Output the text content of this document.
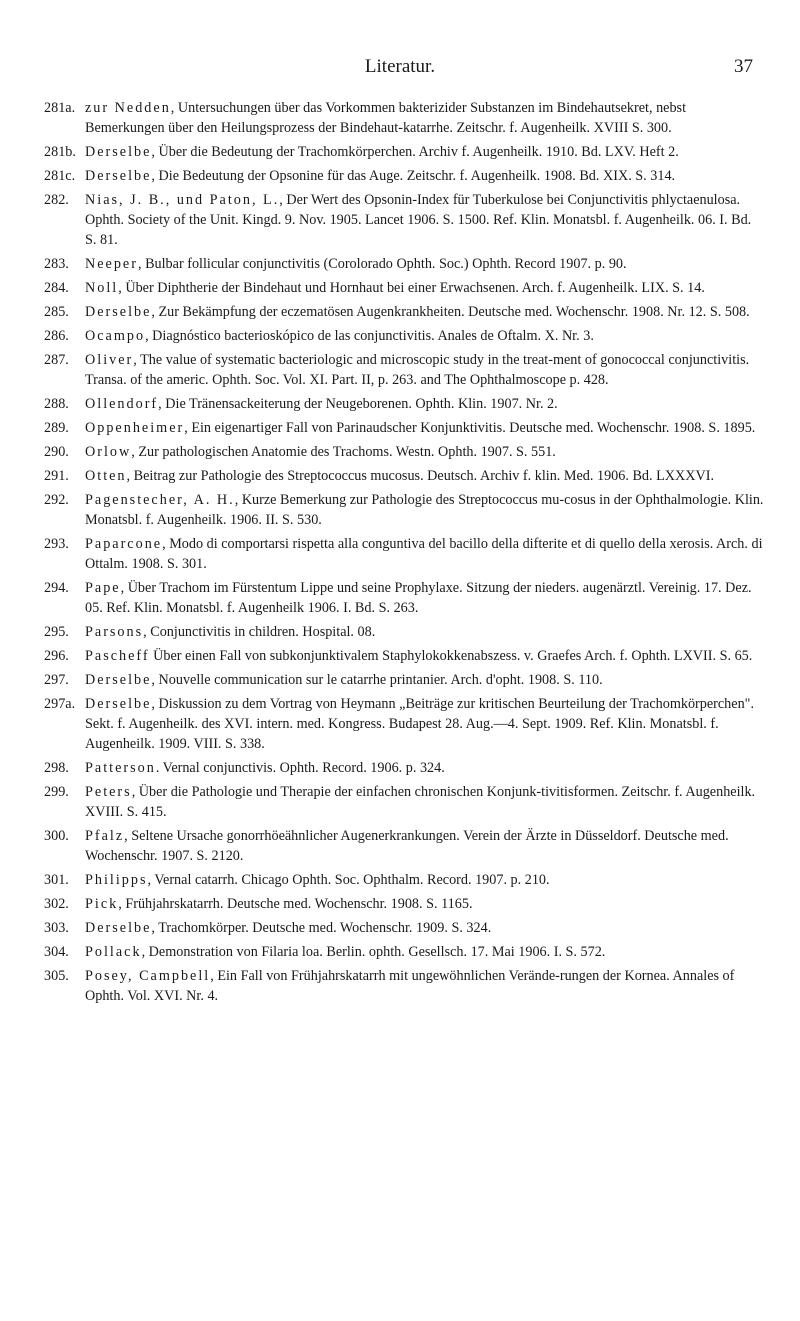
Literatur.	37
281a. zur Nedden, Untersuchungen über das Vorkommen bakterizider Substanzen im Bindehautsekret, nebst Bemerkungen über den Heilungsprozess der Bindehaut-katarrhe. Zeitschr. f. Augenheilk. XVIII S. 300.
281b. Derselbe, Über die Bedeutung der Trachomkörperchen. Archiv f. Augenheilk. 1910. Bd. LXV. Heft 2.
281c. Derselbe, Die Bedeutung der Opsonine für das Auge. Zeitschr. f. Augenheilk. 1908. Bd. XIX. S. 314.
282.	Nias, J. B., und Paton, L., Der Wert des Opsonin-Index für Tuberkulose bei Conjunctivitis phlyctaenulosa. Ophth. Society of the Unit. Kingd. 9. Nov. 1905. Lancet 1906. S. 1500. Ref. Klin. Monatsbl. f. Augenheilk. 06. I. Bd. S. 81.
283.	Neeper, Bulbar follicular conjunctivitis (Corolorado Ophth. Soc.) Ophth. Record 1907. p. 90.
284.	Noll, Über Diphtherie der Bindehaut und Hornhaut bei einer Erwachsenen. Arch. f. Augenheilk. LIX. S. 14.
285.	Derselbe, Zur Bekämpfung der eczematösen Augenkrankheiten. Deutsche med. Wochenschr. 1908. Nr. 12. S. 508.
286.	Ocampo, Diagnóstico bacterioskópico de las conjunctivitis. Anales de Oftalm. X. Nr. 3.
287.	Oliver, The value of systematic bacteriologic and microscopic study in the treat-ment of gonococcal conjunctivitis. Transa. of the americ. Ophth. Soc. Vol. XI. Part. II, p. 263. and The Ophthalmoscope p. 428.
288.	Ollendorf, Die Tränensackeiterung der Neugeborenen. Ophth. Klin. 1907. Nr. 2.
289.	Oppenheimer, Ein eigenartiger Fall von Parinaudscher Konjunktivitis. Deutsche med. Wochenschr. 1908. S. 1895.
290.	Orlow, Zur pathologischen Anatomie des Trachoms. Westn. Ophth. 1907. S. 551.
291.	Otten, Beitrag zur Pathologie des Streptococcus mucosus. Deutsch. Archiv f. klin. Med. 1906. Bd. LXXXVI.
292.	Pagenstecher, A. H., Kurze Bemerkung zur Pathologie des Streptococcus mu-cosus in der Ophthalmologie. Klin. Monatsbl. f. Augenheilk. 1906. II. S. 530.
293.	Paparcone, Modo di comportarsi rispetta alla conguntiva del bacillo della difterite et di quello della xerosis. Arch. di Ottalm. 1908. S. 301.
294.	Pape, Über Trachom im Fürstentum Lippe und seine Prophylaxe. Sitzung der nieders. augenärztl. Vereinig. 17. Dez. 05. Ref. Klin. Monatsbl. f. Augenheilk 1906. I. Bd. S. 263.
295.	Parsons, Conjunctivitis in children. Hospital. 08.
296.	Pascheff Über einen Fall von subkonjunktivalem Staphylokokkenabszess. v. Graefes Arch. f. Ophth. LXVII. S. 65.
297.	Derselbe, Nouvelle communication sur le catarrhe printanier. Arch. d'opht. 1908. S. 110.
297a. Derselbe, Diskussion zu dem Vortrag von Heymann „Beiträge zur kritischen Beurteilung der Trachomkörperchen". Sekt. f. Augenheilk. des XVI. intern. med. Kongress. Budapest 28. Aug.—4. Sept. 1909. Ref. Klin. Monatsbl. f. Augenheilk. 1909. VIII. S. 338.
298.	Patterson. Vernal conjunctivis. Ophth. Record. 1906. p. 324.
299.	Peters, Über die Pathologie und Therapie der einfachen chronischen Konjunk-tivitisformen. Zeitschr. f. Augenheilk. XVIII. S. 415.
300.	Pfalz, Seltene Ursache gonorrhöeähnlicher Augenerkrankungen. Verein der Ärzte in Düsseldorf. Deutsche med. Wochenschr. 1907. S. 2120.
301.	Philipps, Vernal catarrh. Chicago Ophth. Soc. Ophthalm. Record. 1907. p. 210.
302.	Pick, Frühjahrskatarrh. Deutsche med. Wochenschr. 1908. S. 1165.
303.	Derselbe, Trachomkörper. Deutsche med. Wochenschr. 1909. S. 324.
304.	Pollack, Demonstration von Filaria loa. Berlin. ophth. Gesellsch. 17. Mai 1906. I. S. 572.
305.	Posey, Campbell, Ein Fall von Frühjahrskatarrh mit ungewöhnlichen Verände-rungen der Kornea. Annales of Ophth. Vol. XVI. Nr. 4.
